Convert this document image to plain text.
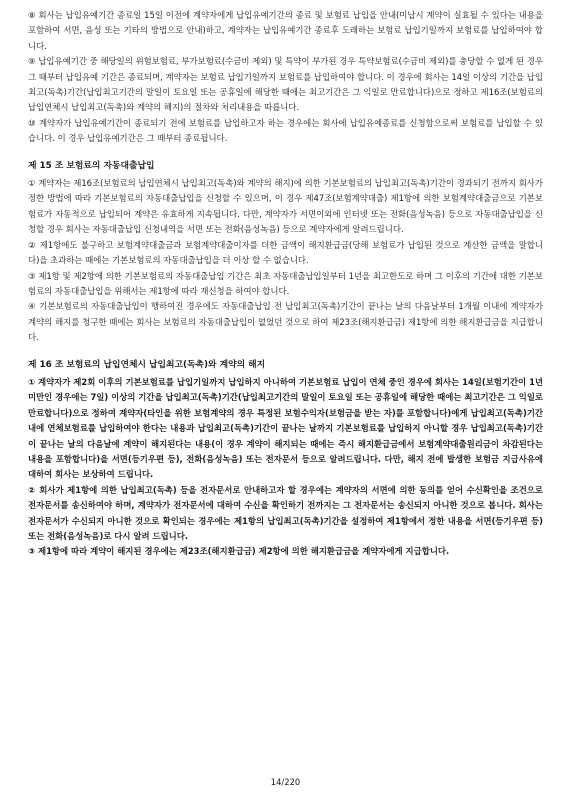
⑧ 회사는 납입유예기간 종료일 15일 이전에 계약자에게 납입유예기간의 종료 및 보험료 납입을 안내(미납시 계약이 실효될 수 있다는 내용을 포함하여 서면, 음성 또는 기타의 방법으로 안내)하고, 계약자는 납입유예기간 종료후 도래하는 보험료 납입기일까지 보험료를 납입하여야 합니다.

⑨ 납입유예기간 중 해당일의 위험보험료, 부가보험료(수금비 제외) 및 특약이 부가된 경우 특약보험료(수금비 제외)를 충당할 수 없게 된 경우 그 때부터 납입유예 기간은 종료되며, 계약자는 보험료 납입기일까지 보험료를 납입하여야 합니다. 이 경우에 회사는 14일 이상의 기간을 납입최고(독촉)기간(납입최고기간의 말일이 토요일 또는 공휴일에 해당한 때에는 최고기간은 그 익일로 만료합니다)으로 정하고 제16조(보험료의 납입연체시 납입최고(독촉)와 계약의 해지)의 절차와 처리내용을 따릅니다.

⑩ 계약자가 납입유예기간이 종료되기 전에 보험료를 납입하고자 하는 경우에는 회사에 납입유예종료를 신청함으로써 보험료를 납입할 수 있습니다. 이 경우 납입유예기간은 그 때부터 종료됩니다.

제 15 조 보험료의 자동대출납입

① 계약자는 제16조(보험료의 납입연체시 납입최고(독촉)와 계약의 해지)에 의한 기본보험료의 납입최고(독촉)기간이 경과되기 전까지 회사가 정한 방법에 따라 기본보험료의 자동대출납입을 신청할 수 있으며, 이 경우 제47조(보험계약대출) 제1항에 의한 보험계약대출금으로 기본보험료가 자동적으로 납입되어 계약은 유효하게 지속됩니다. 다만, 계약자가 서면이외에 인터넷 또는 전화(음성녹음) 등으로 자동대출납입을 신청할 경우 회사는 자동대출납입 신청내역을 서면 또는 전화(음성녹음) 등으로 계약자에게 알려드립니다.

② 제1항에도 불구하고 보험계약대출금과 보험계약대출이자를 더한 금액이 해지환급금(당해 보험료가 납입된 것으로 계산한 금액을 말합니다)을 초과하는 때에는 기본보험료의 자동대출납입을 더 이상 할 수 없습니다.

③ 제1항 및 제2항에 의한 기본보험료의 자동대출납입 기간은 최초 자동대출납입일부터 1년을 최고한도로 하며 그 이후의 기간에 대한 기본보험료의 자동대출납입을 위해서는 제1항에 따라 재신청을 하여야 합니다.

④ 기본보험료의 자동대출납입이 행하여진 경우에도 자동대출납입 전 납입최고(독촉)기간이 끝나는 날의 다음날부터 1개월 이내에 계약자가 계약의 해지를 청구한 때에는 회사는 보험료의 자동대출납입이 없었던 것으로 하여 제23조(해지환급금) 제1항에 의한 해지환급금을 지급합니다.

제 16 조 보험료의 납입연체시 납입최고(독촉)와 계약의 해지

① 계약자가 제2회 이후의 기본보험료를 납입기일까지 납입하지 아니하여 기본보험료 납입이 연체 중인 경우에 회사는 14일(보험기간이 1년 미만인 경우에는 7일) 이상의 기간을 납입최고(독촉)기간(납입최고기간의 말일이 토요일 또는 공휴일에 해당한 때에는 최고기간은 그 익일로 만료합니다)으로 정하여 계약자(타인을 위한 보험계약의 경우 특정된 보험수익자(보험금을 받는 자)를 포함합니다)에게 납입최고(독촉)기간 내에 연체보험료를 납입하여야 한다는 내용과 납입최고(독촉)기간이 끝나는 날까지 기본보험료를 납입하지 아니할 경우 납입최고(독촉)기간이 끝나는 날의 다음날에 계약이 해지된다는 내용(이 경우 계약이 해지되는 때에는 즉시 해지환급금에서 보험계약대출원리금이 차감된다는 내용을 포함합니다)을 서면(등기우편 등), 전화(음성녹음) 또는 전자문서 등으로 알려드립니다. 다만, 해지 전에 발생한 보험금 지급사유에 대하여 회사는 보상하여 드립니다.

② 회사가 제1항에 의한 납입최고(독촉) 등을 전자문서로 안내하고자 할 경우에는 계약자의 서면에 의한 동의를 얻어 수신확인을 조건으로 전자문서를 송신하여야 하며, 계약자가 전자문서에 대하여 수신을 확인하기 전까지는 그 전자문서는 송신되지 아니한 것으로 봅니다. 회사는 전자문서가 수신되지 아니한 것으로 확인되는 경우에는 제1항의 납입최고(독촉)기간을 설정하여 제1항에서 정한 내용을 서면(등기우편 등) 또는 전화(음성녹음)로 다시 알려 드립니다.

③ 제1항에 따라 계약이 해지된 경우에는 제23조(해지환급금) 제2항에 의한 해지환급금을 계약자에게 지급합니다.

14/220
